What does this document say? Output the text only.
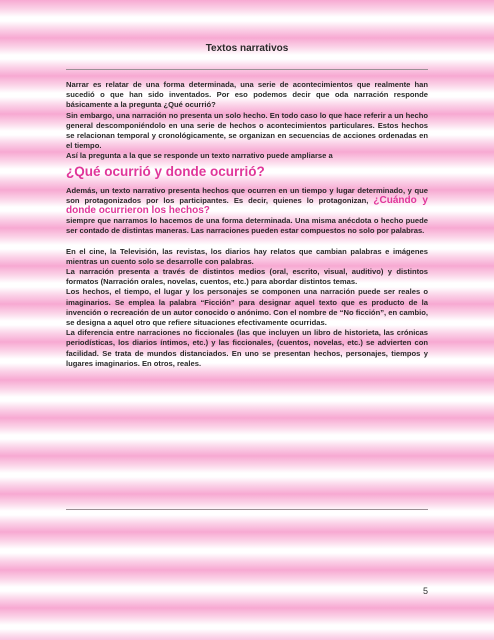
Textos narrativos

Narrar es relatar de una forma determinada, una serie de acontecimientos que realmente han sucedió o que han sido inventados. Por eso podemos decir que oda narración responde básicamente a la pregunta ¿Qué ocurrió?

Sin embargo, una narración no presenta un solo hecho. En todo caso lo que hace referir a un hecho general descomponiéndolo en una serie de hechos o acontecimientos particulares. Estos hechos se relacionan temporal y cronológicamente, se organizan en secuencias de acciones ordenadas en el tiempo.

Así la pregunta a la que se responde un texto narrativo puede ampliarse a

¿Qué ocurrió y donde ocurrió?

Además, un texto narrativo presenta hechos que ocurren en un tiempo y lugar determinado, y que son protagonizados por los participantes. Es decir, quienes lo protagonizan, ¿Cuándo y donde ocurrieron los hechos?

siempre que narramos lo hacemos de una forma determinada. Una misma anécdota o hecho puede ser contado de distintas maneras. Las narraciones pueden estar compuestos no solo por palabras.

En el cine, la Televisión, las revistas, los diarios hay relatos que cambian palabras e imágenes mientras un cuento solo se desarrolle con palabras.

La narración presenta a través de distintos medios (oral, escrito, visual, auditivo) y distintos formatos (Narración orales, novelas, cuentos, etc.) para abordar distintos temas.

Los hechos, el tiempo, el lugar y los personajes se componen una narración puede ser reales o imaginarios. Se emplea la palabra “Ficción” para designar aquel texto que es producto de la invención o recreación de un autor conocido o anónimo. Con el nombre de “No ficción”, en cambio, se designa a aquel otro que refiere situaciones efectivamente ocurridas.

La diferencia entre narraciones no ficcionales (las que incluyen un libro de historieta, las crónicas periodísticas, los diarios íntimos, etc.) y las ficcionales, (cuentos, novelas, etc.) se advierten con facilidad. Se trata de mundos distanciados. En uno se presentan hechos, personajes, tiempos y lugares imaginarios. En otros, reales.

5
